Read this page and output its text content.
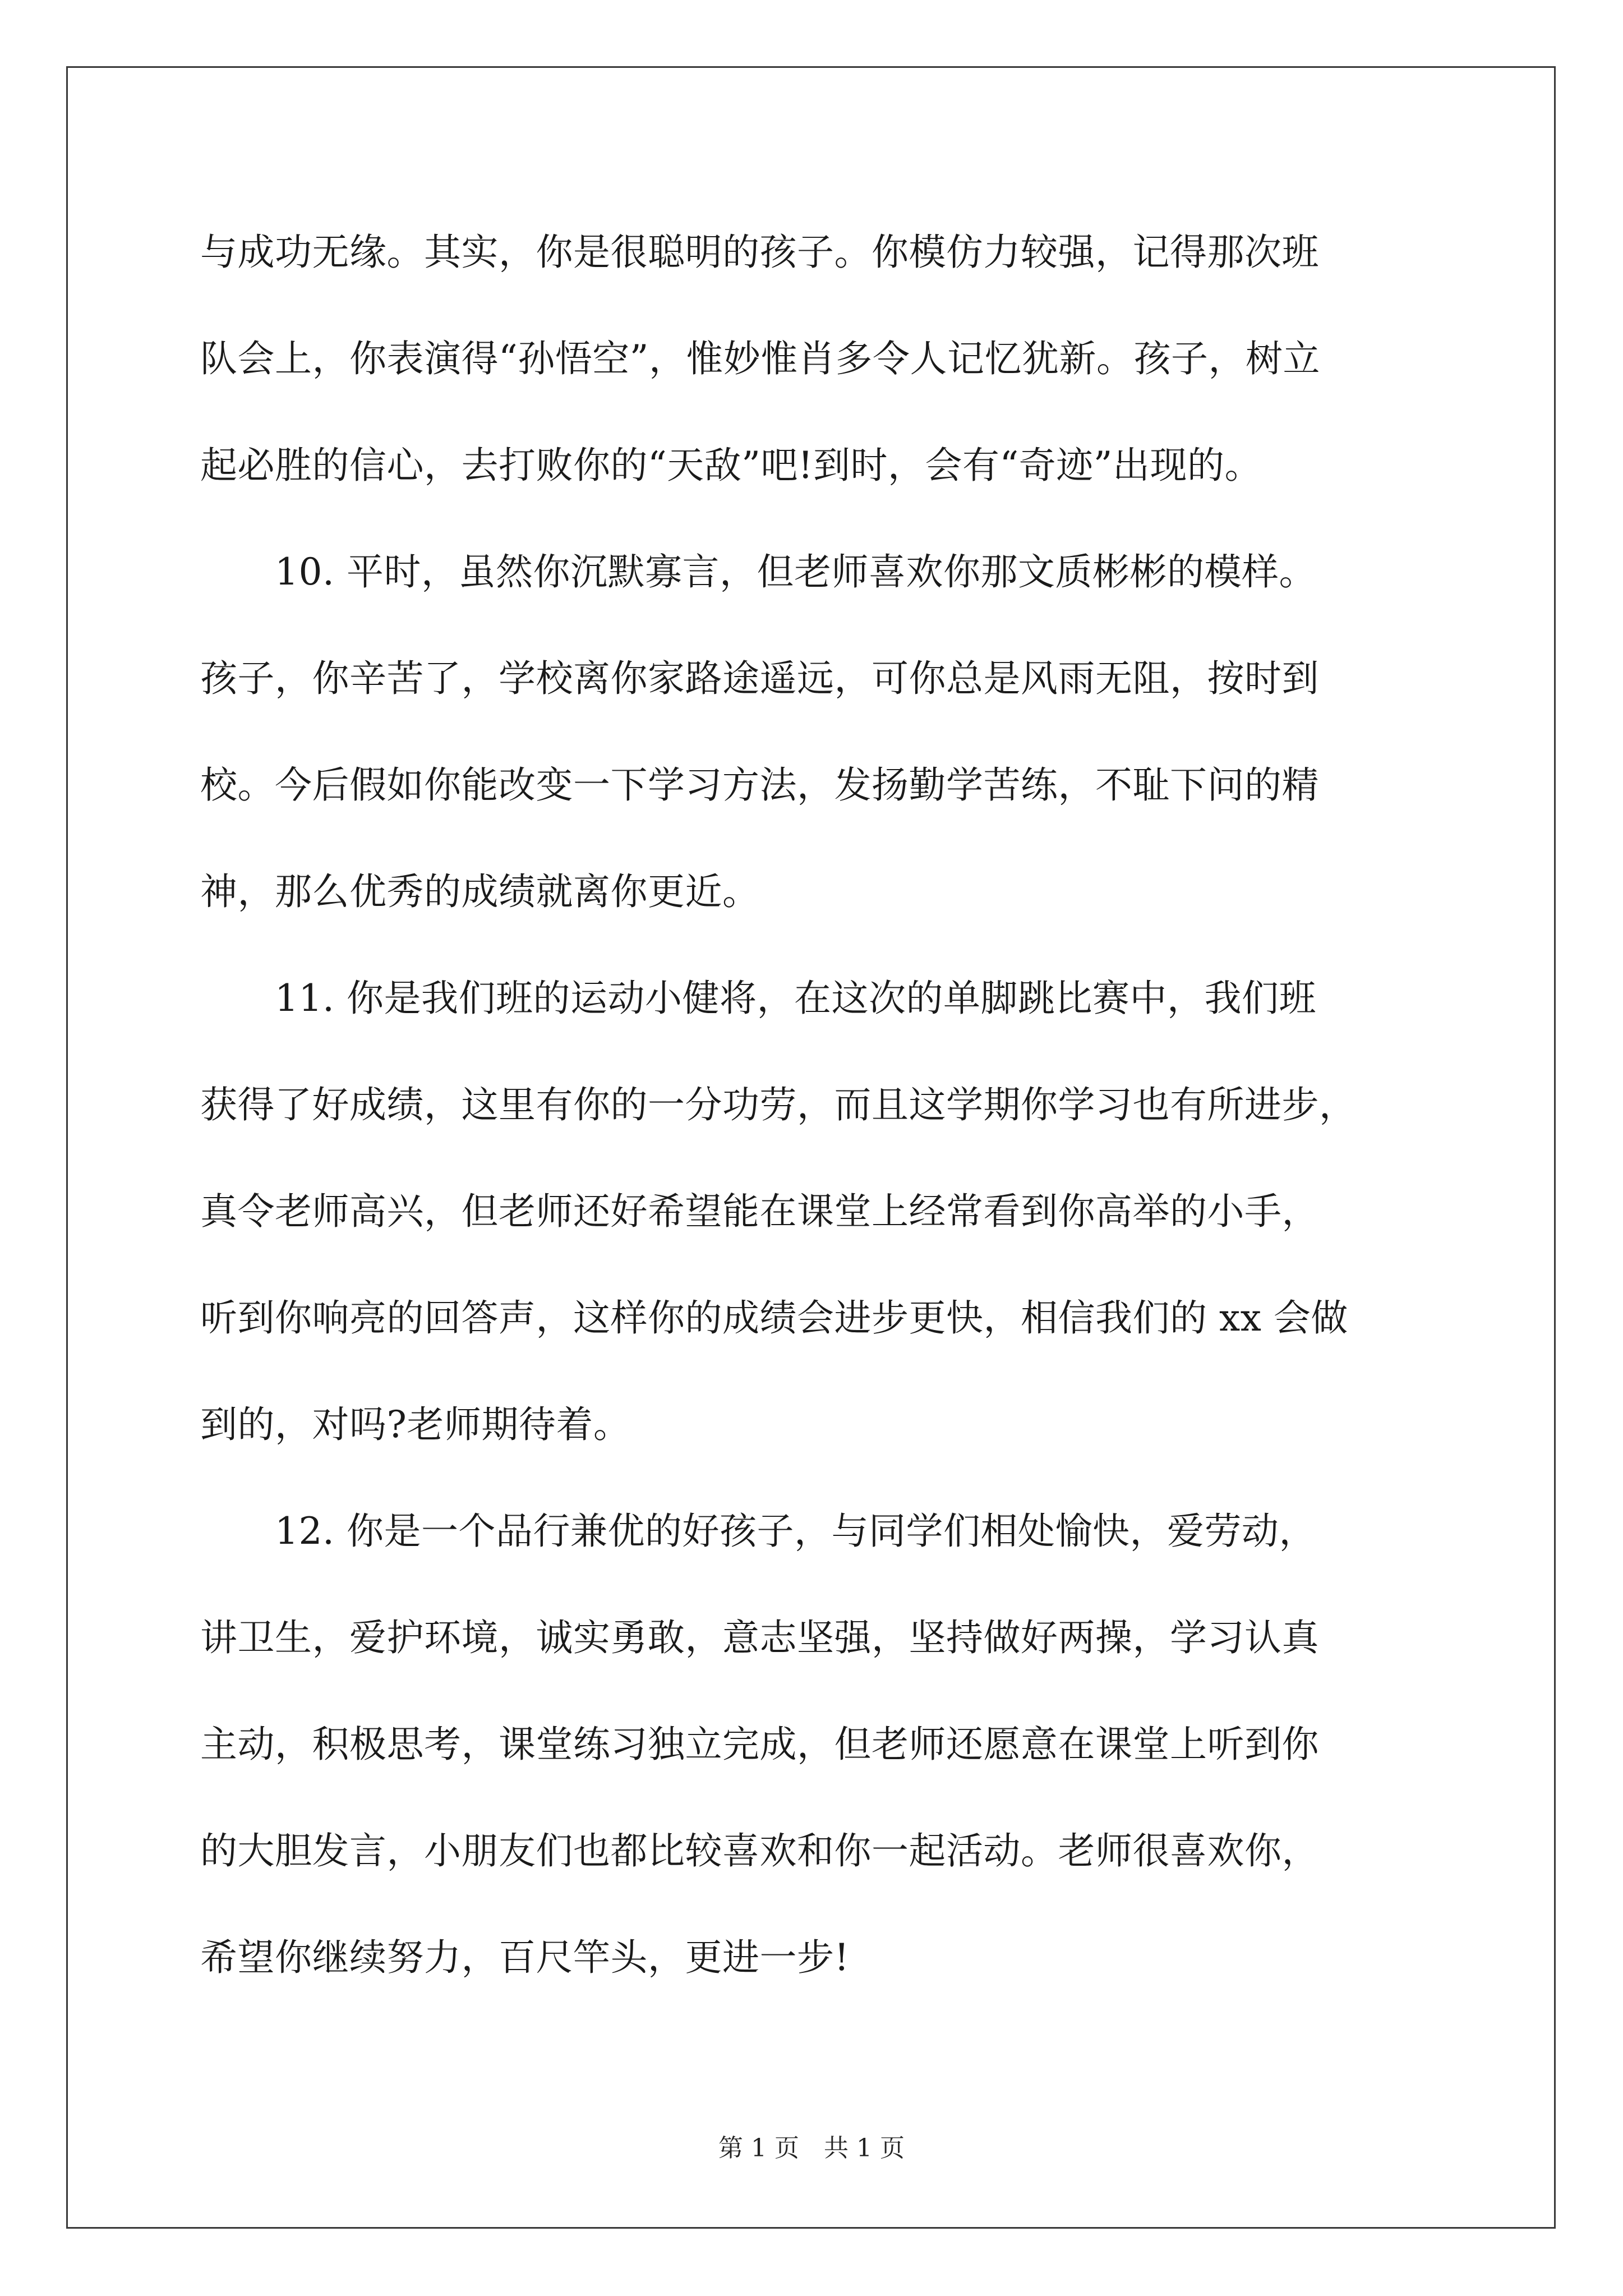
与成功无缘。其实，你是很聪明的孩子。你模仿力较强，记得那次班
队会上，你表演得“孙悟空”，惟妙惟肖多令人记忆犹新。孩子，树立
起必胜的信心，去打败你的“天敌”吧!到时，会有“奇迹”出现的。
　　10. 平时，虽然你沉默寡言，但老师喜欢你那文质彬彬的模样。
孩子，你辛苦了，学校离你家路途遥远，可你总是风雨无阻，按时到
校。今后假如你能改变一下学习方法，发扬勤学苦练，不耻下问的精
神，那么优秀的成绩就离你更近。
　　11. 你是我们班的运动小健将，在这次的单脚跳比赛中，我们班
获得了好成绩，这里有你的一分功劳，而且这学期你学习也有所进步，
真令老师高兴，但老师还好希望能在课堂上经常看到你高举的小手，
听到你响亮的回答声，这样你的成绩会进步更快，相信我们的 xx 会做
到的，对吗?老师期待着。
　　12. 你是一个品行兼优的好孩子，与同学们相处愉快，爱劳动，
讲卫生，爱护环境，诚实勇敢，意志坚强，坚持做好两操，学习认真
主动，积极思考，课堂练习独立完成，但老师还愿意在课堂上听到你
的大胆发言，小朋友们也都比较喜欢和你一起活动。老师很喜欢你，
希望你继续努力，百尺竿头，更进一步!
第 1 页　共 1 页
